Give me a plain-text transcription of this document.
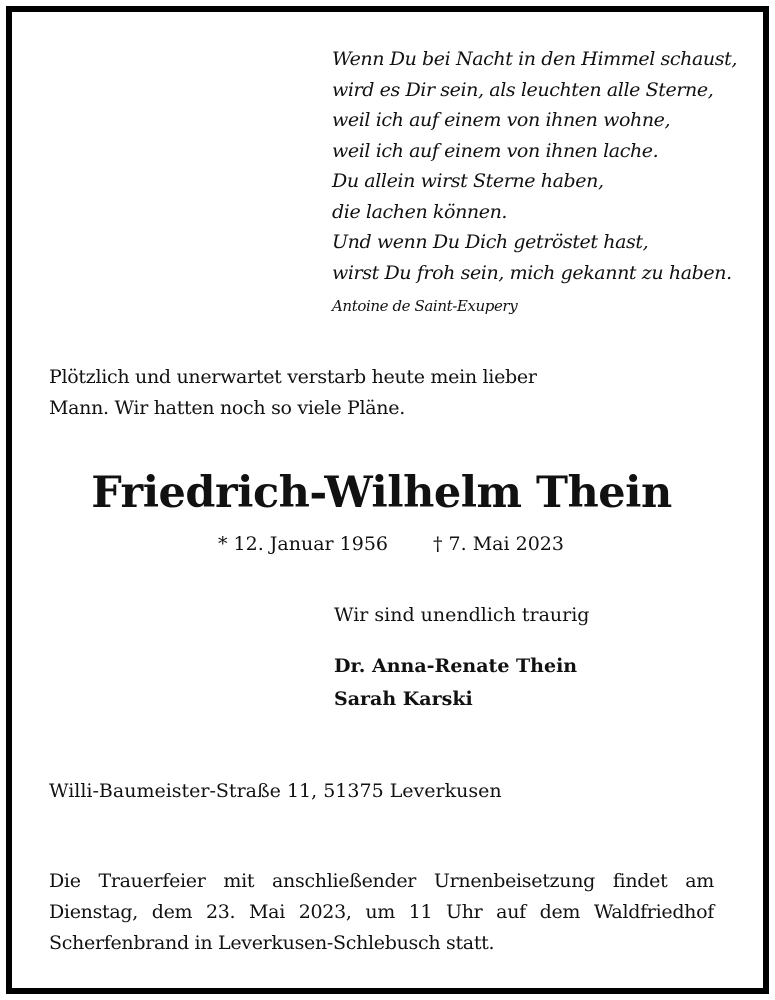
Wenn Du bei Nacht in den Himmel schaust,
wird es Dir sein, als leuchten alle Sterne,
weil ich auf einem von ihnen wohne,
weil ich auf einem von ihnen lache.
Du allein wirst Sterne haben,
die lachen können.
Und wenn Du Dich getröstet hast,
wirst Du froh sein, mich gekannt zu haben.
Antoine de Saint-Exupery
Plötzlich und unerwartet verstarb heute mein lieber
Mann. Wir hatten noch so viele Pläne.
Friedrich-Wilhelm Thein
* 12. Januar 1956 † 7. Mai 2023
Wir sind unendlich traurig
Dr. Anna-Renate Thein
Sarah Karski
Willi-Baumeister-Straße 11, 51375 Leverkusen
Die Trauerfeier mit anschließender Urnenbeisetzung findet am
Dienstag, dem 23. Mai 2023, um 11 Uhr auf dem Waldfriedhof
Scherfenbrand in Leverkusen-Schlebusch statt.
